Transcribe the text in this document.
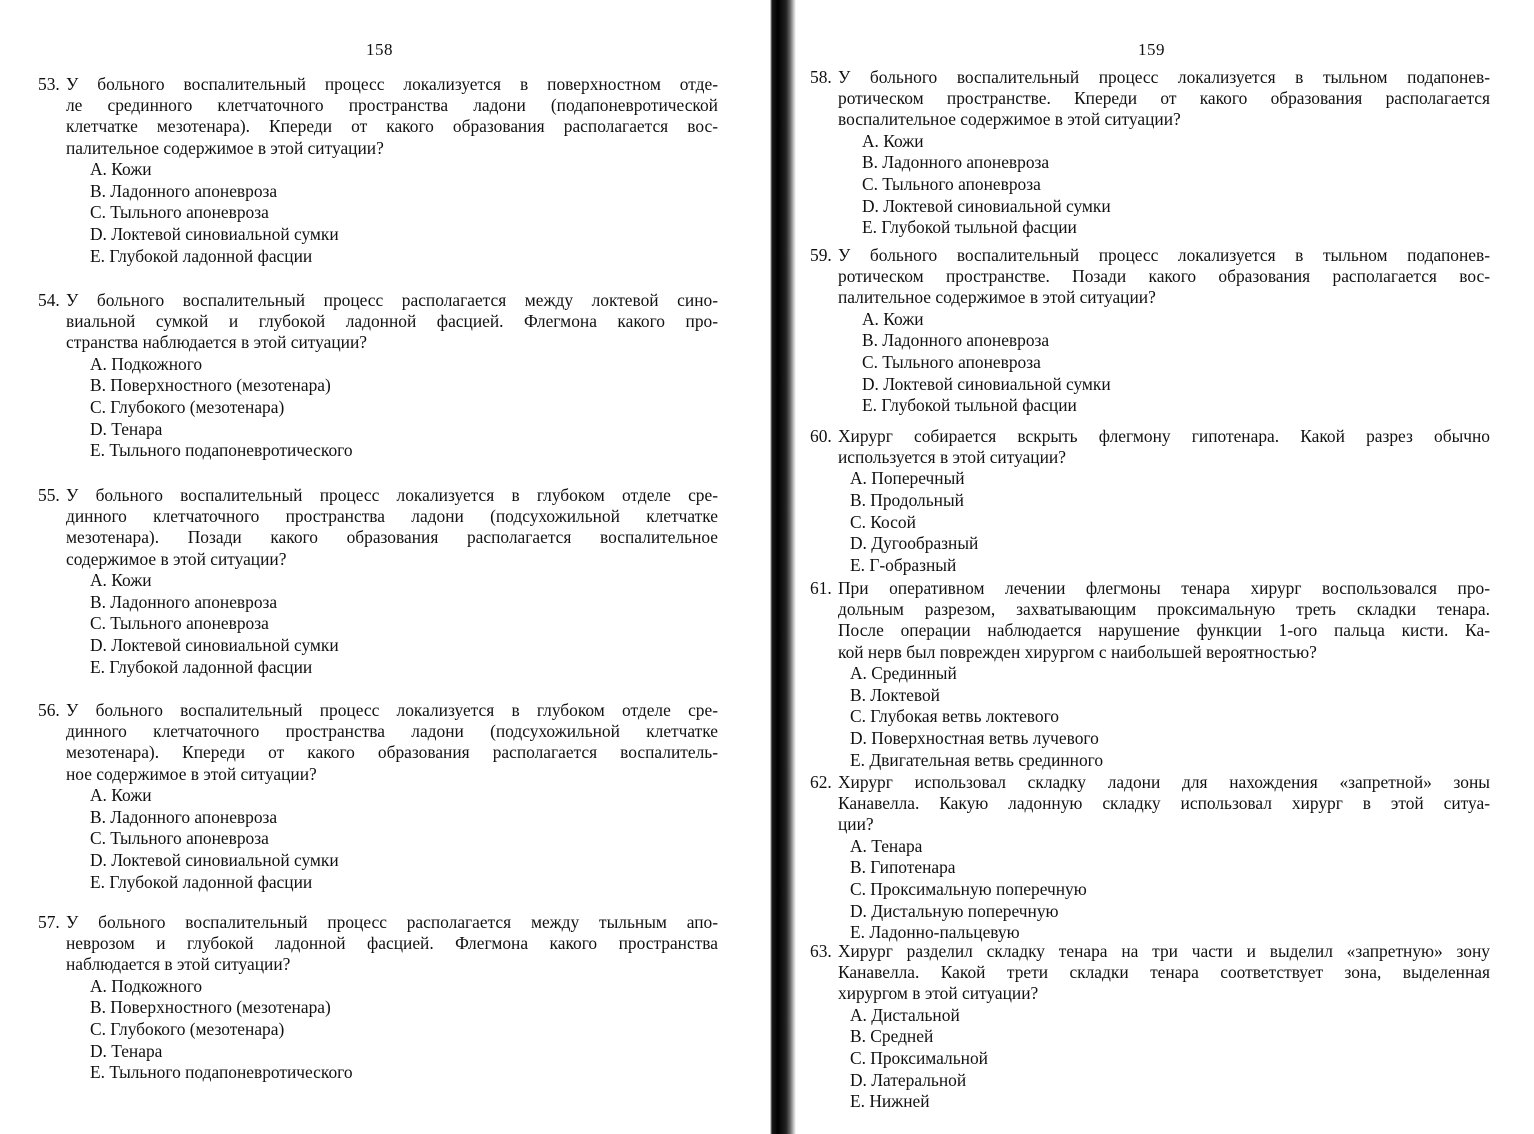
158
53. У больного воспалительный процесс локализуется в поверхностном отде-
ле срединного клетчаточного пространства ладони (подапоневротической
клетчатке мезотенара). Кпереди от какого образования располагается вос-
палительное содержимое в этой ситуации?
A. Кожи
B. Ладонного апоневроза
C. Тыльного апоневроза
D. Локтевой синовиальной сумки
E. Глубокой ладонной фасции
54. У больного воспалительный процесс располагается между локтевой сино-
виальной сумкой и глубокой ладонной фасцией. Флегмона какого про-
странства наблюдается в этой ситуации?
A. Подкожного
B. Поверхностного (мезотенара)
C. Глубокого (мезотенара)
D. Тенара
E. Тыльного подапоневротического
55. У больного воспалительный процесс локализуется в глубоком отделе сре-
динного клетчаточного пространства ладони (подсухожильной клетчатке
мезотенара). Позади какого образования располагается воспалительное
содержимое в этой ситуации?
A. Кожи
B. Ладонного апоневроза
C. Тыльного апоневроза
D. Локтевой синовиальной сумки
E. Глубокой ладонной фасции
56. У больного воспалительный процесс локализуется в глубоком отделе сре-
динного клетчаточного пространства ладони (подсухожильной клетчатке
мезотенара). Кпереди от какого образования располагается воспалитель-
ное содержимое в этой ситуации?
A. Кожи
B. Ладонного апоневроза
C. Тыльного апоневроза
D. Локтевой синовиальной сумки
E. Глубокой ладонной фасции
57. У больного воспалительный процесс располагается между тыльным апо-
неврозом и глубокой ладонной фасцией. Флегмона какого пространства
наблюдается в этой ситуации?
A. Подкожного
B. Поверхностного (мезотенара)
C. Глубокого (мезотенара)
D. Тенара
E. Тыльного подапоневротического
159
58. У больного воспалительный процесс локализуется в тыльном подапонев-
ротическом пространстве. Кпереди от какого образования располагается
воспалительное содержимое в этой ситуации?
A. Кожи
B. Ладонного апоневроза
C. Тыльного апоневроза
D. Локтевой синовиальной сумки
E. Глубокой тыльной фасции
59. У больного воспалительный процесс локализуется в тыльном подапонев-
ротическом пространстве. Позади какого образования располагается вос-
палительное содержимое в этой ситуации?
A. Кожи
B. Ладонного апоневроза
C. Тыльного апоневроза
D. Локтевой синовиальной сумки
E. Глубокой тыльной фасции
60. Хирург собирается вскрыть флегмону гипотенара. Какой разрез обычно
используется в этой ситуации?
A. Поперечный
B. Продольный
C. Косой
D. Дугообразный
E. Г-образный
61. При оперативном лечении флегмоны тенара хирург воспользовался про-
дольным разрезом, захватывающим проксимальную треть складки тенара.
После операции наблюдается нарушение функции 1-ого пальца кисти. Ка-
кой нерв был поврежден хирургом с наибольшей вероятностью?
A. Срединный
B. Локтевой
C. Глубокая ветвь локтевого
D. Поверхностная ветвь лучевого
E. Двигательная ветвь срединного
62. Хирург использовал складку ладони для нахождения «запретной» зоны
Канавелла. Какую ладонную складку использовал хирург в этой ситуа-
ции?
A. Тенара
B. Гипотенара
C. Проксимальную поперечную
D. Дистальную поперечную
E. Ладонно-пальцевую
63. Хирург разделил складку тенара на три части и выделил «запретную» зону
Канавелла. Какой трети складки тенара соответствует зона, выделенная
хирургом в этой ситуации?
A. Дистальной
B. Средней
C. Проксимальной
D. Латеральной
E. Нижней
